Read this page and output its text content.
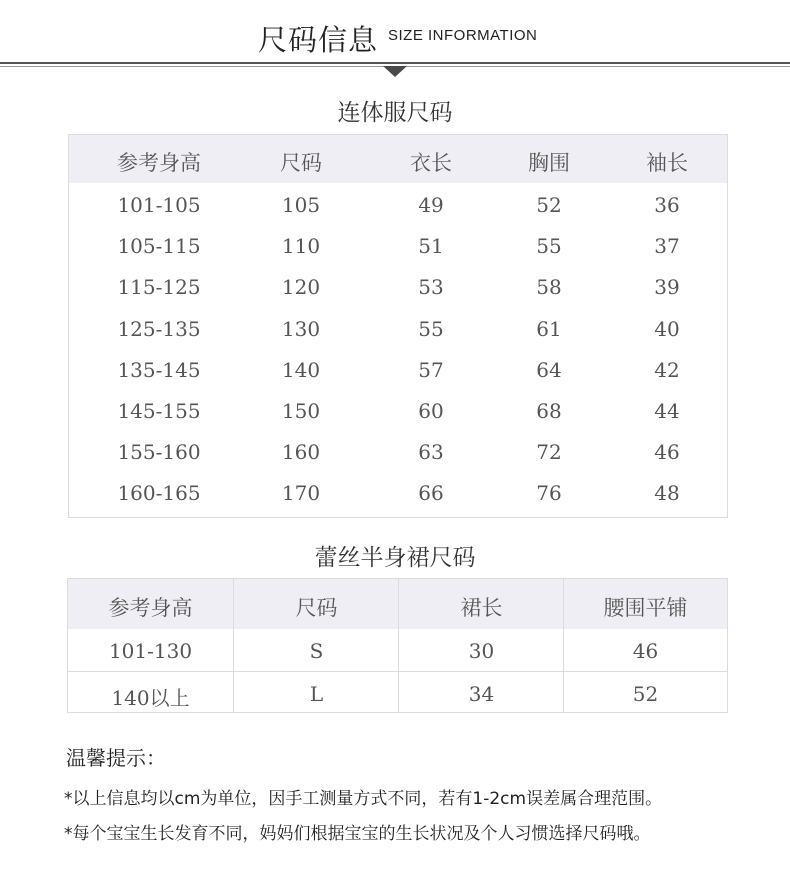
尺码信息 SIZE INFORMATION
连体服尺码
参考身高	尺码	衣长	胸围	袖长
101-105	105	49	52	36
105-115	110	51	55	37
115-125	120	53	58	39
125-135	130	55	61	40
135-145	140	57	64	42
145-155	150	60	68	44
155-160	160	63	72	46
160-165	170	66	76	48
蕾丝半身裙尺码
参考身高	尺码	裙长	腰围平铺
101-130	S	30	46
140以上	L	34	52
温馨提示：
*以上信息均以cm为单位，因手工测量方式不同，若有1-2cm误差属合理范围。
*每个宝宝生长发育不同，妈妈们根据宝宝的生长状况及个人习惯选择尺码哦。
